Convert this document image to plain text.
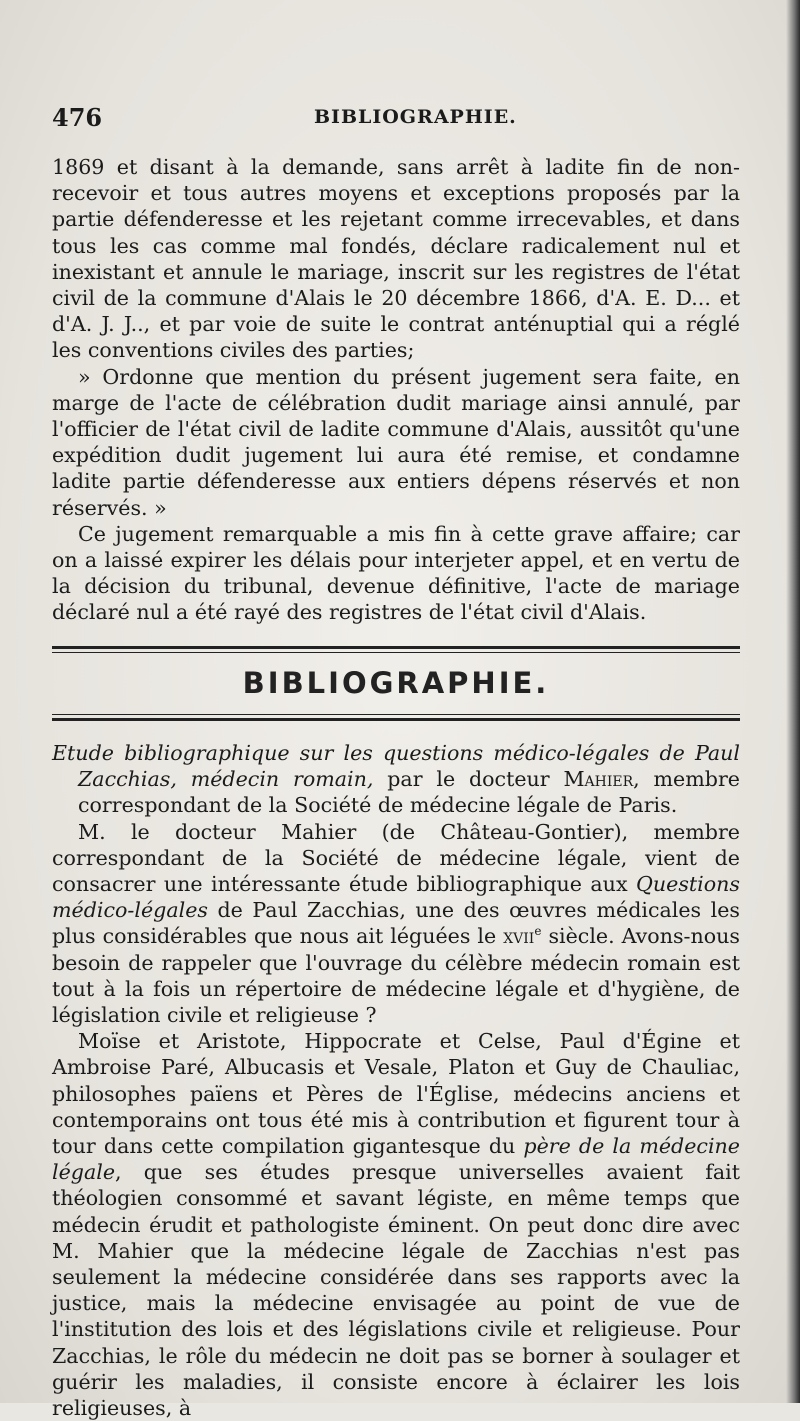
476	BIBLIOGRAPHIE.

1869 et disant à la demande, sans arrêt à ladite fin de non-recevoir et tous autres moyens et exceptions proposés par la partie défenderesse et les rejetant comme irrecevables, et dans tous les cas comme mal fondés, déclare radicalement nul et inexistant et annule le mariage, inscrit sur les registres de l'état civil de la commune d'Alais le 20 décembre 1866, d'A. E. D... et d'A. J. J.., et par voie de suite le contrat anténuptial qui a réglé les conventions civiles des parties;

» Ordonne que mention du présent jugement sera faite, en marge de l'acte de célébration dudit mariage ainsi annulé, par l'officier de l'état civil de ladite commune d'Alais, aussitôt qu'une expédition dudit jugement lui aura été remise, et condamne ladite partie défenderesse aux entiers dépens réservés et non réservés. »

Ce jugement remarquable a mis fin à cette grave affaire; car on a laissé expirer les délais pour interjeter appel, et en vertu de la décision du tribunal, devenue définitive, l'acte de mariage déclaré nul a été rayé des registres de l'état civil d'Alais.

BIBLIOGRAPHIE.

Etude bibliographique sur les questions médico-légales de Paul Zacchias, médecin romain, par le docteur Mahier, membre correspondant de la Société de médecine légale de Paris.

M. le docteur Mahier (de Château-Gontier), membre correspondant de la Société de médecine légale, vient de consacrer une intéressante étude bibliographique aux Questions médico-légales de Paul Zacchias, une des œuvres médicales les plus considérables que nous ait léguées le xvii$^e$ siècle. Avons-nous besoin de rappeler que l'ouvrage du célèbre médecin romain est tout à la fois un répertoire de médecine légale et d'hygiène, de législation civile et religieuse ?

Moïse et Aristote, Hippocrate et Celse, Paul d'Égine et Ambroise Paré, Albucasis et Vesale, Platon et Guy de Chauliac, philosophes païens et Pères de l'Église, médecins anciens et contemporains ont tous été mis à contribution et figurent tour à tour dans cette compilation gigantesque du père de la médecine légale, que ses études presque universelles avaient fait théologien consommé et savant légiste, en même temps que médecin érudit et pathologiste éminent. On peut donc dire avec M. Mahier que la médecine légale de Zacchias n'est pas seulement la médecine considérée dans ses rapports avec la justice, mais la médecine envisagée au point de vue de l'institution des lois et des législations civile et religieuse. Pour Zacchias, le rôle du médecin ne doit pas se borner à soulager et guérir les maladies, il consiste encore à éclairer les lois religieuses, à
